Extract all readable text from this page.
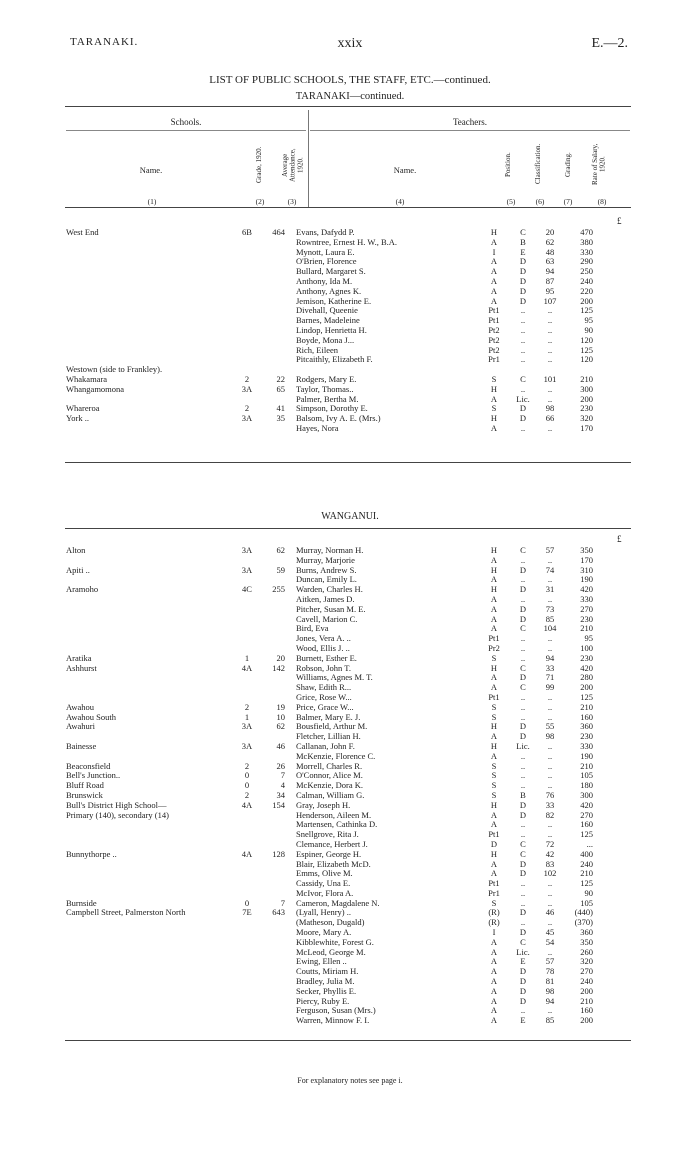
TARANAKI.	xxix	E.—2.
LIST OF PUBLIC SCHOOLS, THE STAFF, ETC.—continued.
TARANAKI—continued.
Schools.	Teachers.
Name.	Grade, 1920.	Average Attendance, 1920.	Name.	Position.	Classification.	Grading.	Rate of Salary, 1920.
(1)	(2)	(3)	(4)	(5)	(6)	(7)	(8)
£
West End	6B	464	Evans, Dafydd P.	H	C	20	470
			Rowntree, Ernest H. W., B.A.	A	B	62	380
			Mynott, Laura E.	I	E	48	330
			O'Brien, Florence	A	D	63	290
			Bullard, Margaret S.	A	D	94	250
			Anthony, Ida M.	A	D	87	240
			Anthony, Agnes K.	A	D	95	220
			Jemison, Katherine E.	A	D	107	200
			Divehall, Queenie	Pt1	..	..	125
			Barnes, Madeleine	Pt1	..	..	95
			Lindop, Henrietta H.	Pt2	..	..	90
			Boyde, Mona J...	Pt2	..	..	120
			Rich, Eileen	Pt2	..	..	125
			Pitcaithly, Elizabeth F.	Pr1	..	..	120
Westown (side to Frankley).							
Whakamara	2	22	Rodgers, Mary E.	S	C	101	210
Whangamomona	3A	65	Taylor, Thomas..	H	..	..	300
			Palmer, Bertha M.	A	Lic.	..	200
Wharerоа	2	41	Simpson, Dorothy E.	S	D	98	230
York ..	3A	35	Balsom, Ivy A. E. (Mrs.)	H	D	66	320
			Hayes, Nora	A	..	..	170
WANGANUI.
£
Alton	3A	62	Murray, Norman H.	H	C	57	350
			Murray, Marjorie	A	..	..	170
Apiti ..	3A	59	Burns, Andrew S.	H	D	74	310
			Duncan, Emily L.	A	..	..	190
Aramoho	4C	255	Warden, Charles H.	H	D	31	420
			Aitken, James D.	A	..	..	330
			Pitcher, Susan M. E.	A	D	73	270
			Cavell, Marion C.	A	D	85	230
			Bird, Eva	A	C	104	210
			Jones, Vera A. ..	Pt1	..	..	95
			Wood, Ellis J. ..	Pr2	..	..	100
Aratika	1	20	Burnett, Esther E.	S	..	94	230
Ashhurst	4A	142	Robson, John T.	H	C	33	420
			Williams, Agnes M. T.	A	D	71	280
			Shaw, Edith R...	A	C	99	200
			Grice, Rose W...	Pt1	..	..	125
Awahou	2	19	Price, Grace W...	S	..	..	210
Awahou South	1	10	Balmer, Mary E. J.	S	..	..	160
Awahuri	3A	62	Bousfield, Arthur M.	H	D	55	360
			Fletcher, Lillian H.	A	D	98	230
Bainesse	3A	46	Callanan, John F.	H	Lic.	..	330
			McKenzie, Florence C.	A	..	..	190
Beaconsfield	2	26	Morrell, Charles R.	S	..	..	210
Bell's Junction..	0	7	O'Connor, Alice M.	S	..	..	105
Bluff Road	0	4	McKenzie, Dora K.	S	..	..	180
Brunswick	2	34	Calman, William G.	S	B	76	300
Bull's District High School—	4A	154	Gray, Joseph H.	H	D	33	420
Primary (140), secondary (14)			Henderson, Aileen M.	A	D	82	270
			Martensen, Cathinka D.	A	..	..	160
			Snellgrove, Rita J.	Pt1	..	..	125
			Clemance, Herbert J.	D	C	72	...
Bunnythorpe ..	4A	128	Espiner, George H.	H	C	42	400
			Blair, Elizabeth McD.	A	D	83	240
			Emms, Olive M.	A	D	102	210
			Cassidy, Una E.	Pt1	..	..	125
			McIvor, Flora A.	Pr1	..	..	90
Burnside	0	7	Cameron, Magdalene N.	S	..	..	105
Campbell Street, Palmerston North	7E	643	(Lyall, Henry) ..	(R)	D	46	(440)
			(Matheson, Dugald)	(R)	..	..	(370)
			Moore, Mary A.	I	D	45	360
			Kibblewhite, Forest G.	A	C	54	350
			McLeod, George M.	A	Lic.	..	260
			Ewing, Ellen ..	A	E	57	320
			Coutts, Miriam H.	A	D	78	270
			Bradley, Julia M.	A	D	81	240
			Secker, Phyllis E.	A	D	98	200
			Piercy, Ruby E.	A	D	94	210
			Ferguson, Susan (Mrs.)	A	..	..	160
			Warren, Minnow F. I.	A	E	85	200
For explanatory notes see page i.
